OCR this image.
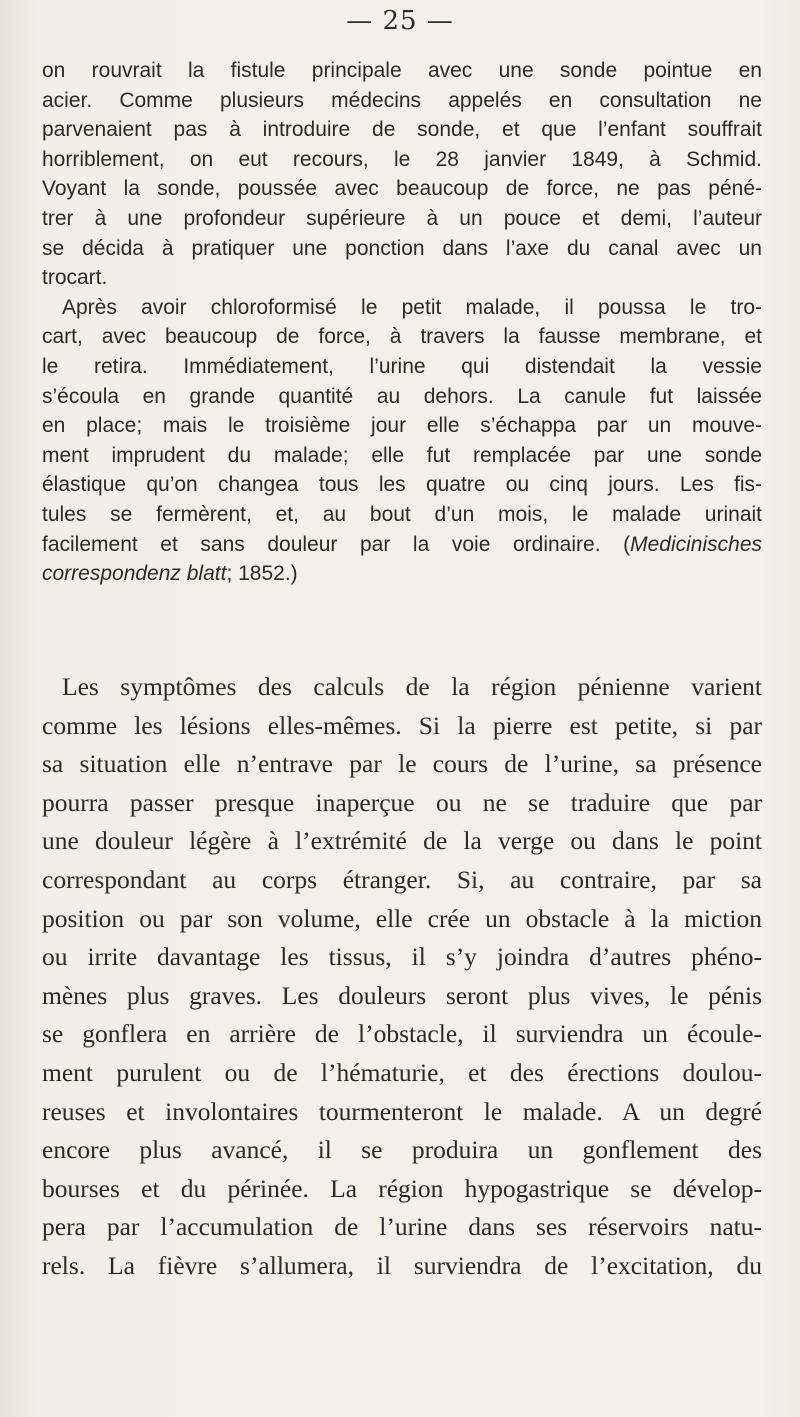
— 25 —
on rouvrait la fistule principale avec une sonde pointue en
acier. Comme plusieurs médecins appelés en consultation ne
parvenaient pas à introduire de sonde, et que l’enfant souffrait
horriblement, on eut recours, le 28 janvier 1849, à Schmid.
Voyant la sonde, poussée avec beaucoup de force, ne pas péné-
trer à une profondeur supérieure à un pouce et demi, l’auteur
se décida à pratiquer une ponction dans l’axe du canal avec un
trocart.
Après avoir chloroformisé le petit malade, il poussa le tro-
cart, avec beaucoup de force, à travers la fausse membrane, et
le retira. Immédiatement, l’urine qui distendait la vessie
s’écoula en grande quantité au dehors. La canule fut laissée
en place; mais le troisième jour elle s’échappa par un mouve-
ment imprudent du malade; elle fut remplacée par une sonde
élastique qu’on changea tous les quatre ou cinq jours. Les fis-
tules se fermèrent, et, au bout d’un mois, le malade urinait
facilement et sans douleur par la voie ordinaire. (Medicinisches
correspondenz blatt; 1852.)
Les symptômes des calculs de la région pénienne varient
comme les lésions elles-mêmes. Si la pierre est petite, si par
sa situation elle n’entrave par le cours de l’urine, sa présence
pourra passer presque inaperçue ou ne se traduire que par
une douleur légère à l’extrémité de la verge ou dans le point
correspondant au corps étranger. Si, au contraire, par sa
position ou par son volume, elle crée un obstacle à la miction
ou irrite davantage les tissus, il s’y joindra d’autres phéno-
mènes plus graves. Les douleurs seront plus vives, le pénis
se gonflera en arrière de l’obstacle, il surviendra un écoule-
ment purulent ou de l’hématurie, et des érections doulou-
reuses et involontaires tourmenteront le malade. A un degré
encore plus avancé, il se produira un gonflement des
bourses et du périnée. La région hypogastrique se dévelop-
pera par l’accumulation de l’urine dans ses réservoirs natu-
rels. La fièvre s’allumera, il surviendra de l’excitation, du
